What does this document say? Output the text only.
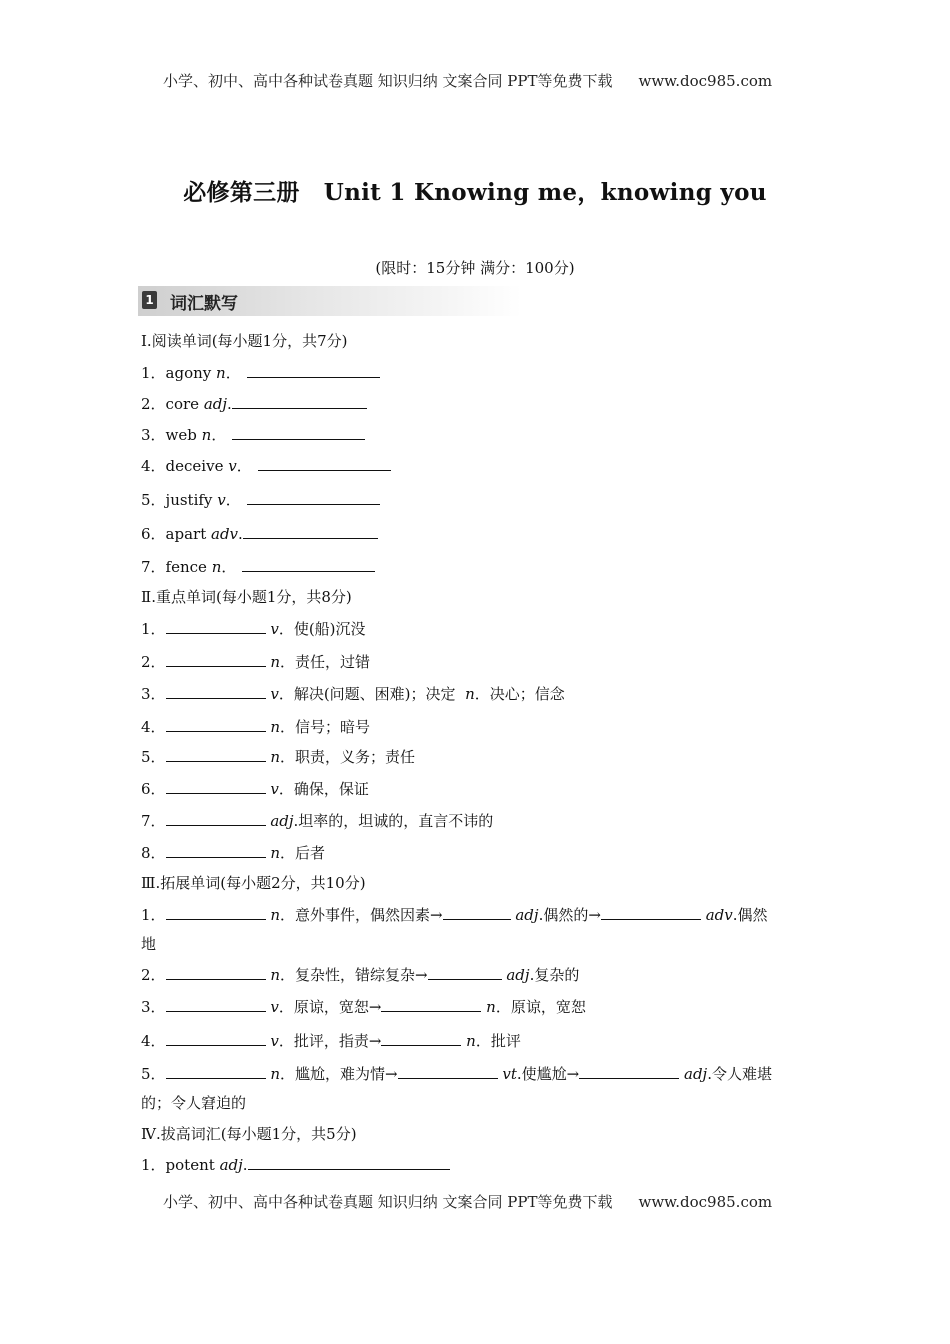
小学、初中、高中各种试卷真题 知识归纳 文案合同 PPT等免费下载 www.doc985.com
必修第三册 Unit 1 Knowing me，knowing you
(限时：15分钟 满分：100分)
1 词汇默写
Ⅰ.阅读单词(每小题1分，共7分)
1．agony n．
2．core adj.
3．web n．
4．deceive v．
5．justify v．
6．apart adv.
7．fence n．
Ⅱ.重点单词(每小题1分，共8分)
1．	v．使(船)沉没
2．	n．责任，过错
3．	v．解决(问题、困难)；决定  n．决心；信念
4．	n．信号；暗号
5．	n．职责，义务；责任
6．	v．确保，保证
7．	adj.坦率的，坦诚的，直言不讳的
8．	n．后者
Ⅲ.拓展单词(每小题2分，共10分)
1．	n．意外事件，偶然因素→	adj.偶然的→	adv.偶然
地
2．	n．复杂性，错综复杂→	adj.复杂的
3．	v．原谅，宽恕→	n．原谅，宽恕
4．	v．批评，指责→	n．批评
5．	n．尴尬，难为情→	vt.使尴尬→	adj.令人难堪
的；令人窘迫的
Ⅳ.拔高词汇(每小题1分，共5分)
1．potent adj.
小学、初中、高中各种试卷真题 知识归纳 文案合同 PPT等免费下载 www.doc985.com
